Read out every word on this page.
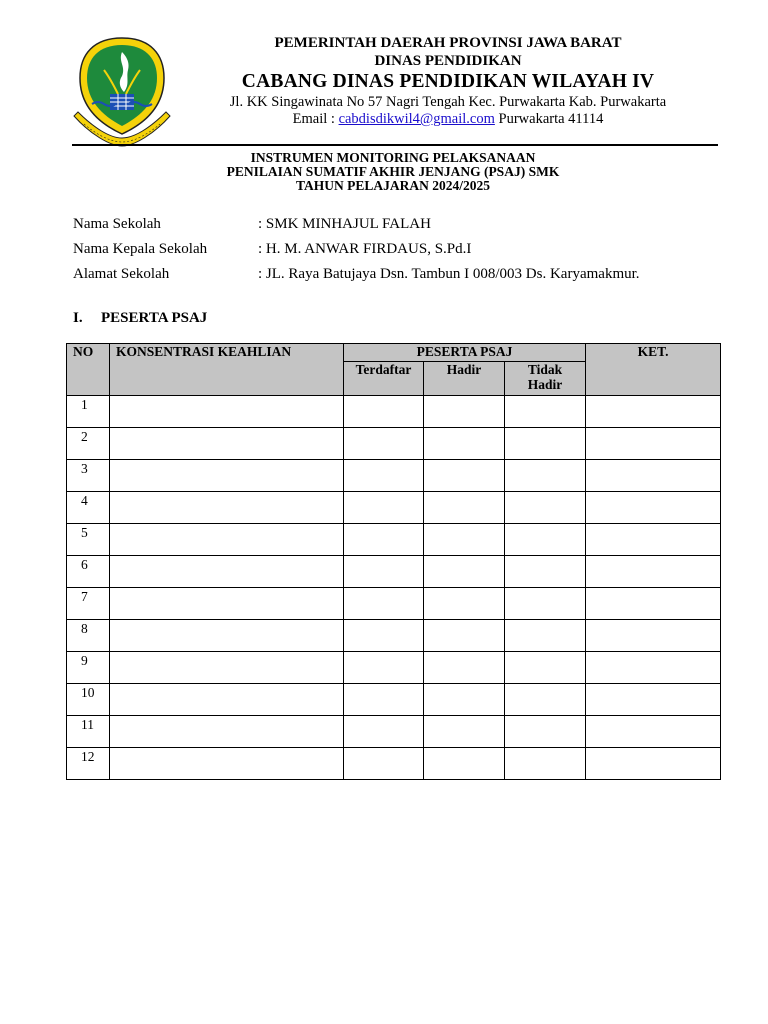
PEMERINTAH DAERAH PROVINSI JAWA BARAT
DINAS PENDIDIKAN
CABANG DINAS PENDIDIKAN WILAYAH IV
Jl. KK Singawinata No 57 Nagri Tengah Kec. Purwakarta Kab. Purwakarta
Email : cabdisdikwil4@gmail.com Purwakarta 41114
INSTRUMEN MONITORING PELAKSANAAN
PENILAIAN SUMATIF AKHIR JENJANG (PSAJ) SMK
TAHUN PELAJARAN 2024/2025
Nama Sekolah	: SMK MINHAJUL FALAH
Nama Kepala Sekolah	: H. M. ANWAR FIRDAUS, S.Pd.I
Alamat Sekolah	: JL. Raya Batujaya Dsn. Tambun I 008/003 Ds. Karyamakmur.
I. PESERTA PSAJ
NO	KONSENTRASI KEAHLIAN	PESERTA PSAJ			KET.
		Terdaftar	Hadir	Tidak Hadir	
1					
2					
3					
4					
5					
6					
7					
8					
9					
10					
11					
12					
